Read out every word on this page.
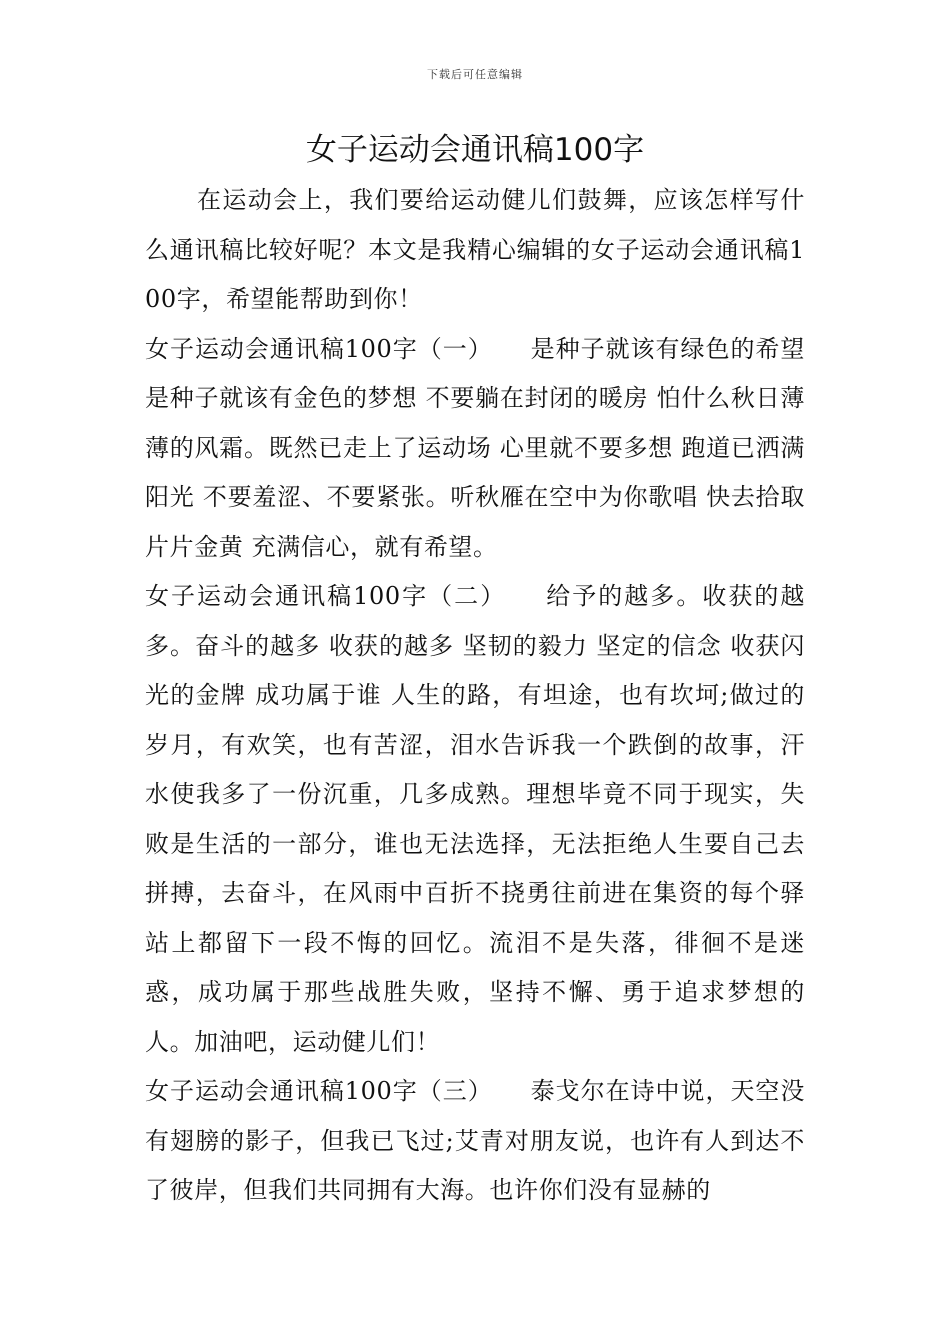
下载后可任意编辑
女子运动会通讯稿100字

在运动会上，我们要给运动健儿们鼓舞，应该怎样写什么通讯稿比较好呢？本文是我精心编辑的女子运动会通讯稿100字，希望能帮助到你！

女子运动会通讯稿100字（一）　　是种子就该有绿色的希望 是种子就该有金色的梦想 不要躺在封闭的暖房 怕什么秋日薄薄的风霜。既然已走上了运动场 心里就不要多想 跑道已洒满阳光 不要羞涩、不要紧张。听秋雁在空中为你歌唱 快去拾取片片金黄 充满信心，就有希望。

女子运动会通讯稿100字（二）　　给予的越多。收获的越多。奋斗的越多 收获的越多 坚韧的毅力 坚定的信念 收获闪光的金牌 成功属于谁 人生的路，有坦途，也有坎坷;做过的岁月，有欢笑，也有苦涩，泪水告诉我一个跌倒的故事，汗水使我多了一份沉重，几多成熟。理想毕竟不同于现实，失败是生活的一部分，谁也无法选择，无法拒绝人生要自己去拼搏，去奋斗，在风雨中百折不挠勇往前进在集资的每个驿站上都留下一段不悔的回忆。流泪不是失落，徘徊不是迷惑，成功属于那些战胜失败，坚持不懈、勇于追求梦想的人。加油吧，运动健儿们！

女子运动会通讯稿100字（三）　　泰戈尔在诗中说，天空没有翅膀的影子，但我已飞过;艾青对朋友说，也许有人到达不了彼岸，但我们共同拥有大海。也许你们没有显赫的
